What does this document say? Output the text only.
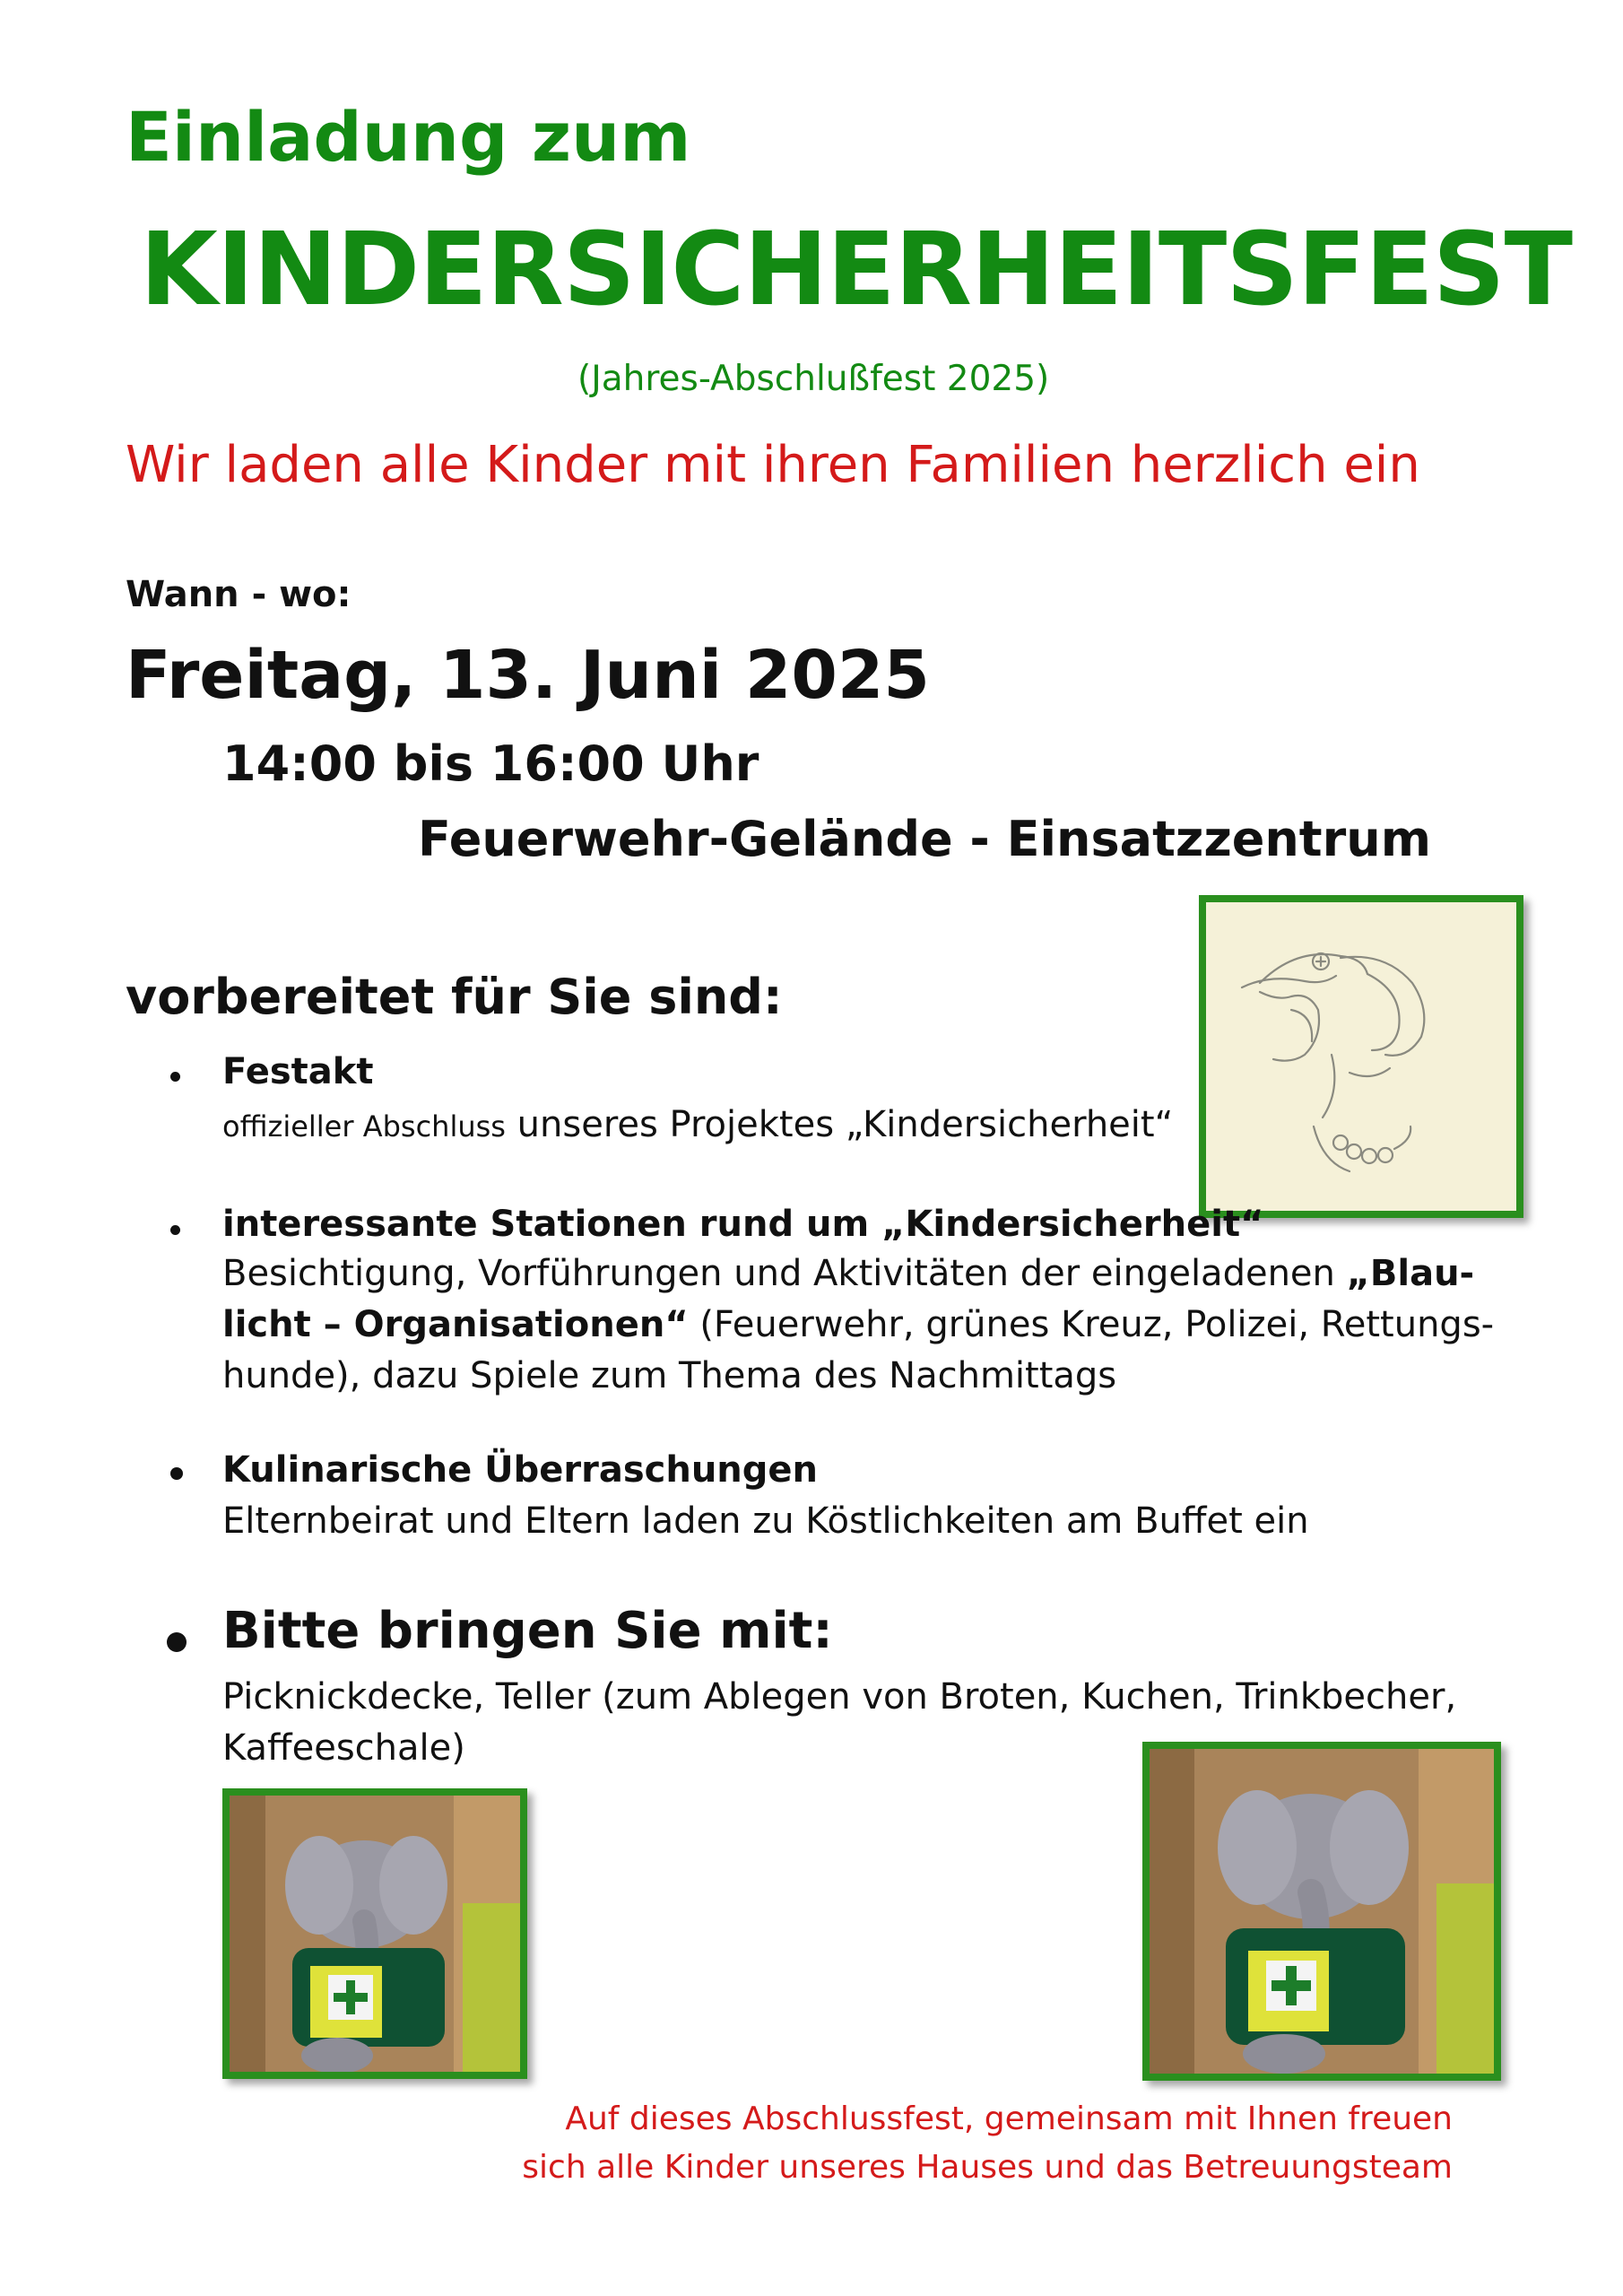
Einladung zum
KINDERSICHERHEITSFEST
(Jahres-Abschlußfest 2025)
Wir laden alle Kinder mit ihren Familien herzlich ein
Wann - wo:
Freitag, 13. Juni 2025
14:00 bis 16:00 Uhr
Feuerwehr-Gelände - Einsatzzentrum
vorbereitet für Sie sind:
Festakt
offizieller Abschluss unseres Projektes „Kindersicherheit“
interessante Stationen rund um „Kindersicherheit“
Besichtigung, Vorführungen und Aktivitäten der eingeladenen „Blau-
licht – Organisationen“ (Feuerwehr, grünes Kreuz, Polizei, Rettungs-
hunde), dazu Spiele zum Thema des Nachmittags
Kulinarische Überraschungen
Elternbeirat und Eltern laden zu Köstlichkeiten am Buffet ein
Bitte bringen Sie mit:
Picknickdecke, Teller (zum Ablegen von Broten, Kuchen, Trinkbecher,
Kaffeeschale)
Auf dieses Abschlussfest, gemeinsam mit Ihnen freuen
sich alle Kinder unseres Hauses und das Betreuungsteam
